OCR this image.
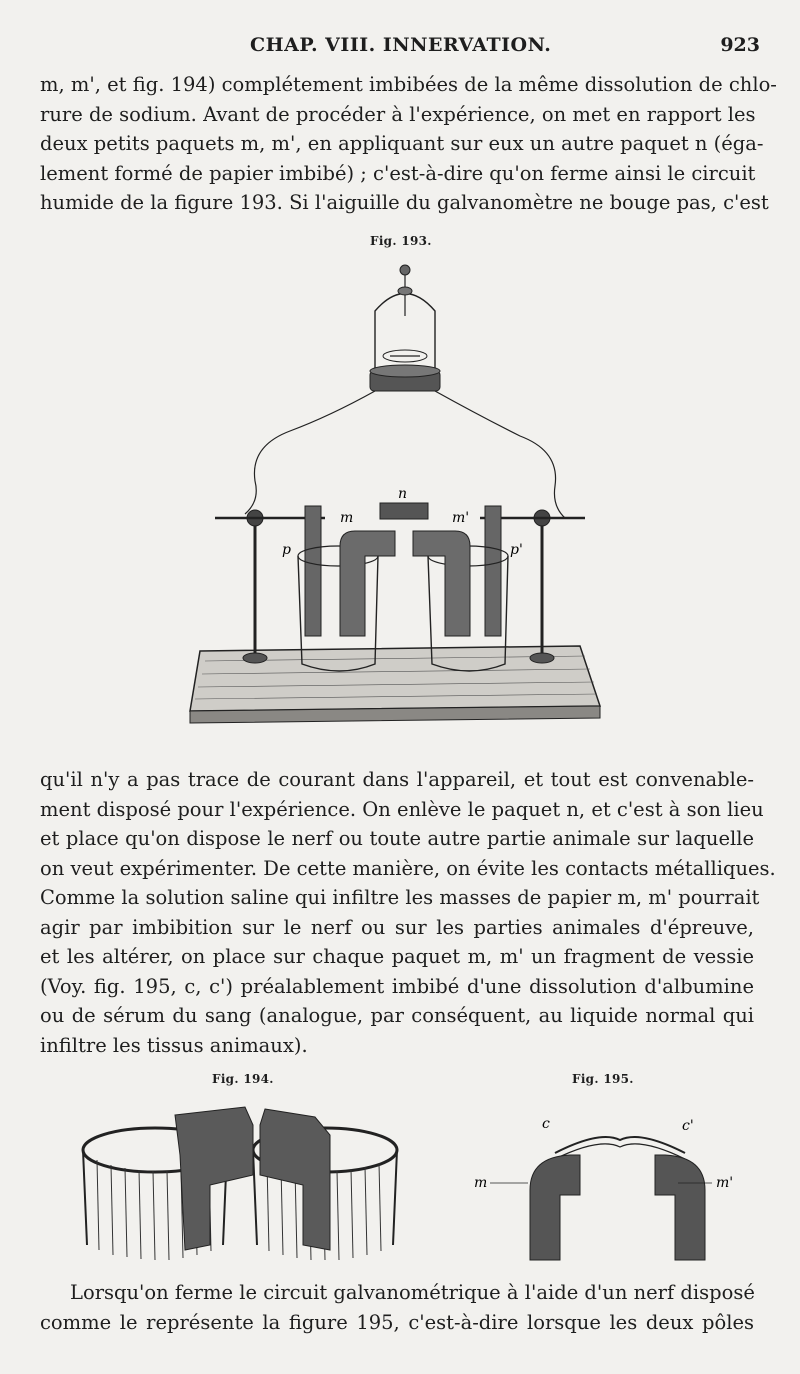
CHAP. VIII. INNERVATION.	923
m, m', et fig. 194) complétement imbibées de la même dissolution de chlo-
rure de sodium. Avant de procéder à l'expérience, on met en rapport les
deux petits paquets m, m', en appliquant sur eux un autre paquet n (éga-
lement formé de papier imbibé) ; c'est-à-dire qu'on ferme ainsi le circuit
humide de la figure 193. Si l'aiguille du galvanomètre ne bouge pas, c'est
Fig. 193.
n
m	m'
p	p'
qu'il n'y a pas trace de courant dans l'appareil, et tout est convenable-
ment disposé pour l'expérience. On enlève le paquet n, et c'est à son lieu
et place qu'on dispose le nerf ou toute autre partie animale sur laquelle
on veut expérimenter. De cette manière, on évite les contacts métalliques.
Comme la solution saline qui infiltre les masses de papier m, m' pourrait
agir par imbibition sur le nerf ou sur les parties animales d'épreuve,
et les altérer, on place sur chaque paquet m, m' un fragment de vessie
(Voy. fig. 195, c, c') préalablement imbibé d'une dissolution d'albumine
ou de sérum du sang (analogue, par conséquent, au liquide normal qui
infiltre les tissus animaux).
Fig. 194.	Fig. 195.
c	c'
m	m'
Lorsqu'on ferme le circuit galvanométrique à l'aide d'un nerf disposé
comme le représente la figure 195, c'est-à-dire lorsque les deux pôles
